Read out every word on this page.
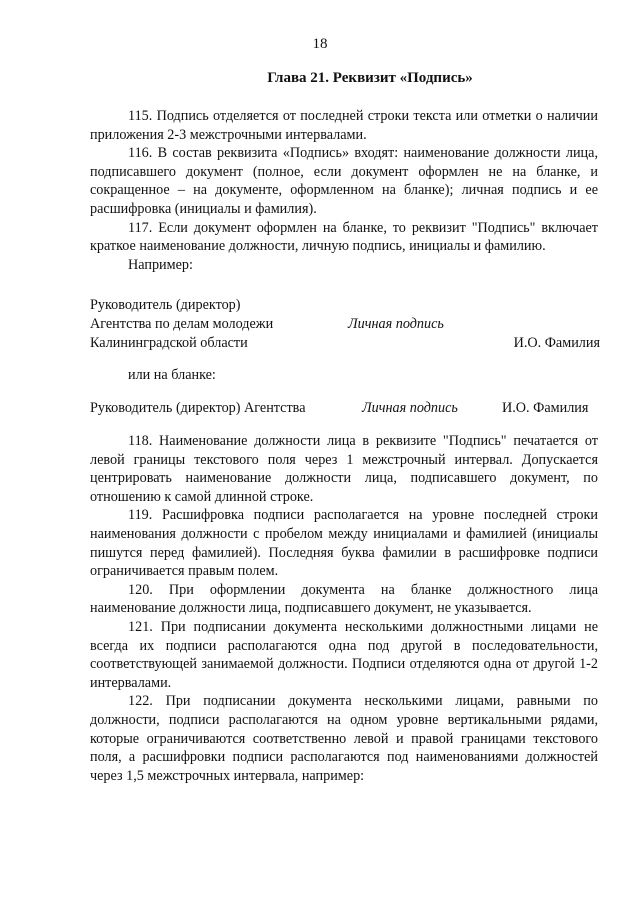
18
Глава 21. Реквизит «Подпись»

115. Подпись отделяется от последней строки текста или отметки о наличии приложения 2-3 межстрочными интервалами.

116. В состав реквизита «Подпись» входят: наименование должности лица, подписавшего документ (полное, если документ оформлен не на бланке, и сокращенное – на документе, оформленном на бланке); личная подпись и ее расшифровка (инициалы и фамилия).

117. Если документ оформлен на бланке, то реквизит "Подпись" включает краткое наименование должности, личную подпись, инициалы и фамилию.

Например:

Руководитель (директор)
Агентства по делам молодежи	Личная подпись
Калининградской области	И.О. Фамилия
или на бланке:
Руководитель (директор) Агентства	Личная подпись	И.О. Фамилия

118. Наименование должности лица в реквизите "Подпись" печатается от левой границы текстового поля через 1 межстрочный интервал. Допускается центрировать наименование должности лица, подписавшего документ, по отношению к самой длинной строке.

119. Расшифровка подписи располагается на уровне последней строки наименования должности с пробелом между инициалами и фамилией (инициалы пишутся перед фамилией). Последняя буква фамилии в расшифровке подписи ограничивается правым полем.

120. При оформлении документа на бланке должностного лица наименование должности лица, подписавшего документ, не указывается.

121. При подписании документа несколькими должностными лицами не всегда их подписи располагаются одна под другой в последовательности, соответствующей занимаемой должности. Подписи отделяются одна от другой 1-2 интервалами.

122. При подписании документа несколькими лицами, равными по должности, подписи располагаются на одном уровне вертикальными рядами, которые ограничиваются соответственно левой и правой границами текстового поля, а расшифровки подписи располагаются под наименованиями должностей через 1,5 межстрочных интервала, например:
